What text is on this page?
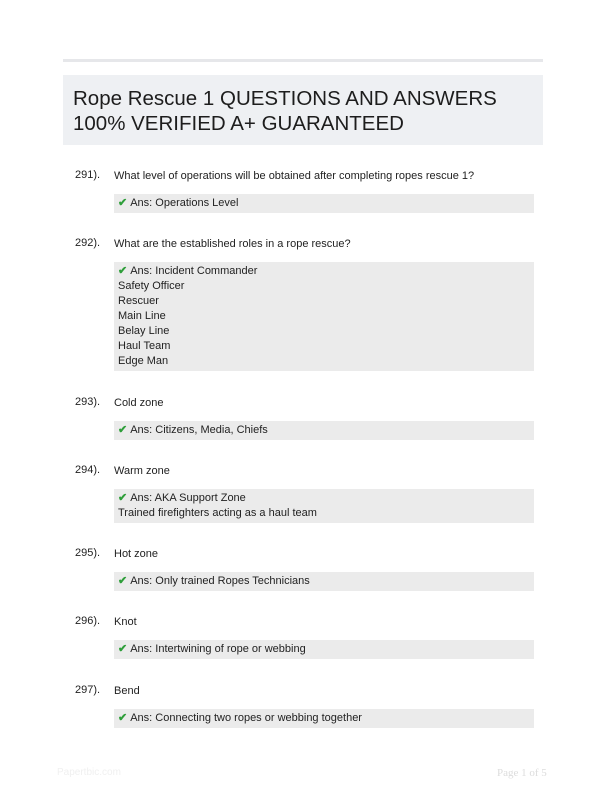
Rope Rescue 1 QUESTIONS AND ANSWERS
100% VERIFIED A+ GUARANTEED
291). What level of operations will be obtained after completing ropes rescue 1?
✔ Ans: Operations Level
292). What are the established roles in a rope rescue?
✔ Ans: Incident Commander
Safety Officer
Rescuer
Main Line
Belay Line
Haul Team
Edge Man
293). Cold zone
✔ Ans: Citizens, Media, Chiefs
294). Warm zone
✔ Ans: AKA Support Zone
Trained firefighters acting as a haul team
295). Hot zone
✔ Ans: Only trained Ropes Technicians
296). Knot
✔ Ans: Intertwining of rope or webbing
297). Bend
✔ Ans: Connecting two ropes or webbing together
Papertbic.com	Page 1 of 5
